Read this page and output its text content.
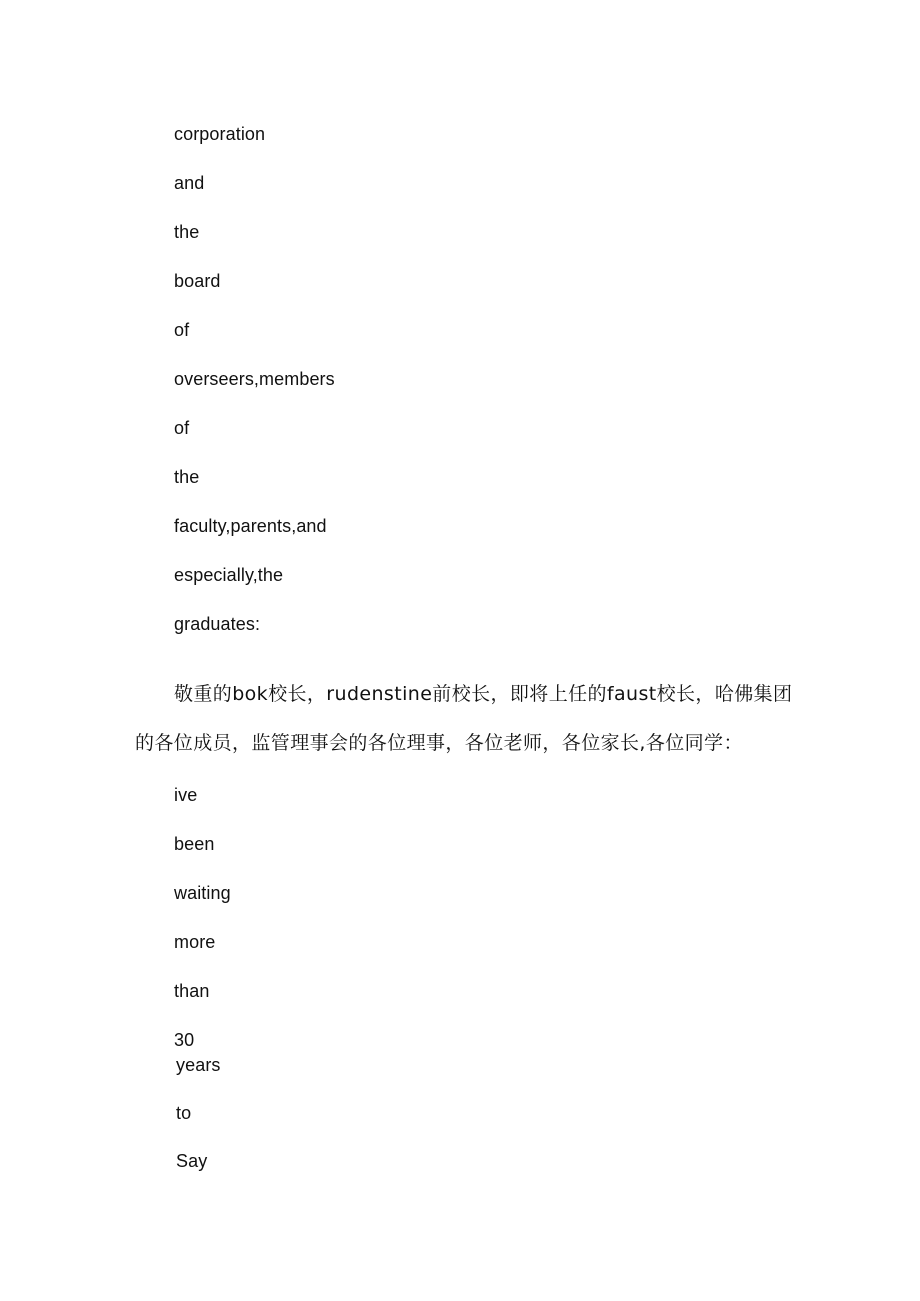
corporation
and
the
board
of
overseers,members
of
the
faculty,parents,and
especially,the
graduates:
敬重的bok校长，rudenstine前校长，即将上任的faust校长，哈佛集团
的各位成员，监管理事会的各位理事，各位老师，各位家长,各位同学：
ive
been
waiting
more
than
30
years
to
Say
